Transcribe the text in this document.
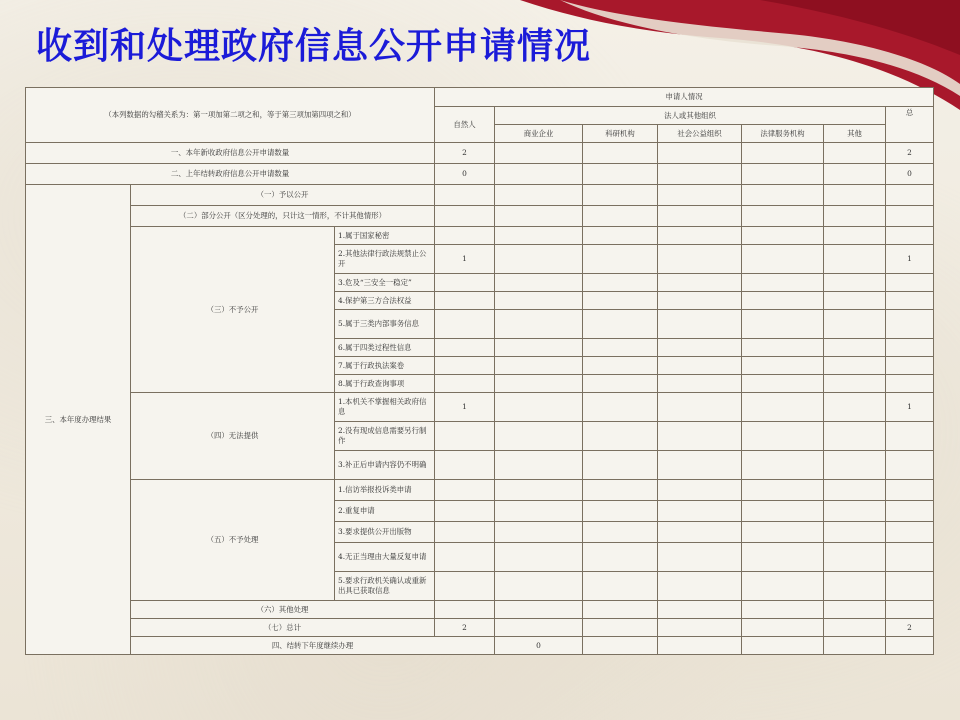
收到和处理政府信息公开申请情况
（本列数据的勾稽关系为：第一项加第二项之和，等于第三项加第四项之和）			申请人情况							
			自然人	法人或其他组织					总	
				商业企业	科研机构	社会公益组织	法律服务机构	其他		
一、本年新收政府信息公开申请数量			2						2	
二、上年结转政府信息公开申请数量			0						0	
三、本年度办理结果	（一）予以公开									
	（二）部分公开（区分处理的，只计这一情形，不计其他情形）									
	（三）不予公开	1.属于国家秘密								
		2.其他法律行政法规禁止公开	1						1	
		3.危及“三安全一稳定”								
		4.保护第三方合法权益								
		5.属于三类内部事务信息								
		6.属于四类过程性信息								
		7.属于行政执法案卷								
		8.属于行政查询事项								
	（四）无法提供	1.本机关不掌握相关政府信息	1						1	
		2.没有现成信息需要另行制作								
		3.补正后申请内容仍不明确								
	（五）不予处理	1.信访举报投诉类申请								
		2.重复申请								
		3.要求提供公开出版物								
		4.无正当理由大量反复申请								
		5.要求行政机关确认或重新出具已获取信息								
	（六）其他处理									
	（七）总计		2						2	
	四、结转下年度继续办理			0						
